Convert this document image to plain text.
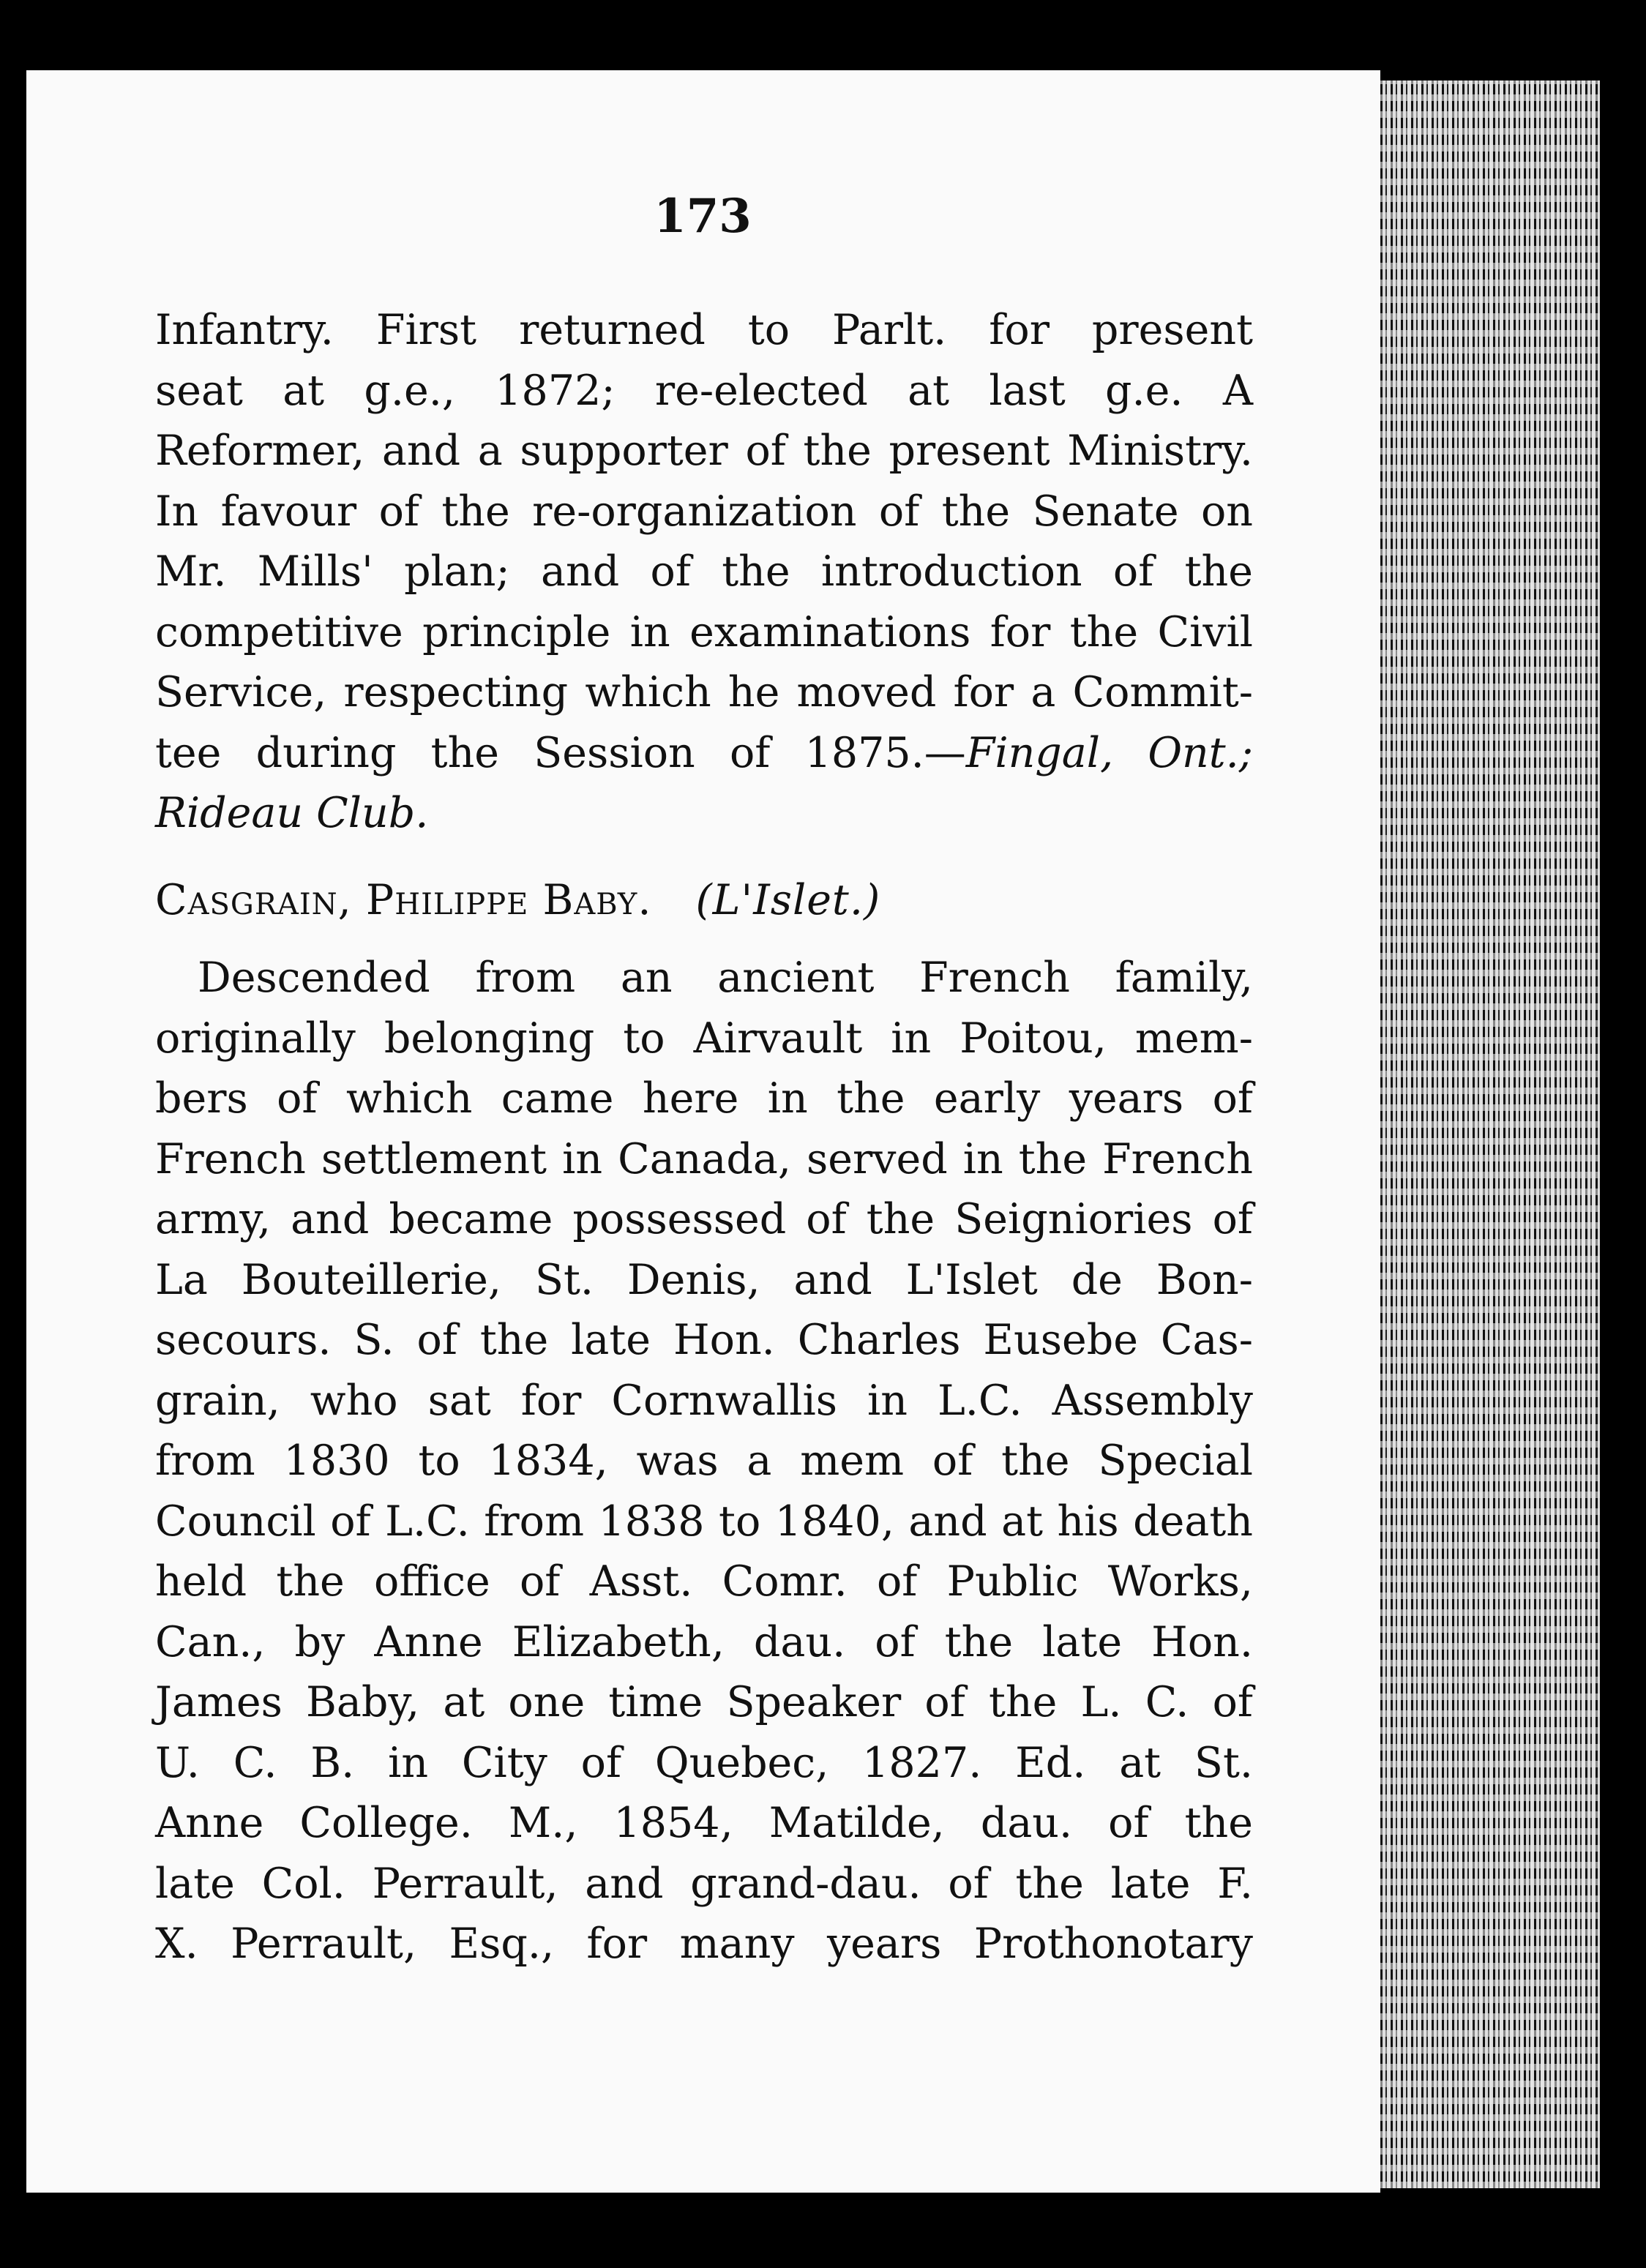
173
Infantry. First returned to Parlt. for present
seat at g.e., 1872; re-elected at last g.e. A
Reformer, and a supporter of the present Ministry.
In favour of the re-organization of the Senate on
Mr. Mills' plan; and of the introduction of the
competitive principle in examinations for the Civil
Service, respecting which he moved for a Commit-
tee during the Session of 1875.—Fingal, Ont.;
Rideau Club.
Casgrain, Philippe Baby. (L'Islet.)
Descended from an ancient French family,
originally belonging to Airvault in Poitou, mem-
bers of which came here in the early years of
French settlement in Canada, served in the French
army, and became possessed of the Seigniories of
La Bouteillerie, St. Denis, and L'Islet de Bon-
secours. S. of the late Hon. Charles Eusebe Cas-
grain, who sat for Cornwallis in L.C. Assembly
from 1830 to 1834, was a mem of the Special
Council of L.C. from 1838 to 1840, and at his death
held the office of Asst. Comr. of Public Works,
Can., by Anne Elizabeth, dau. of the late Hon.
James Baby, at one time Speaker of the L. C. of
U. C. B. in City of Quebec, 1827. Ed. at St.
Anne College. M., 1854, Matilde, dau. of the
late Col. Perrault, and grand-dau. of the late F.
X. Perrault, Esq., for many years Prothonotary
